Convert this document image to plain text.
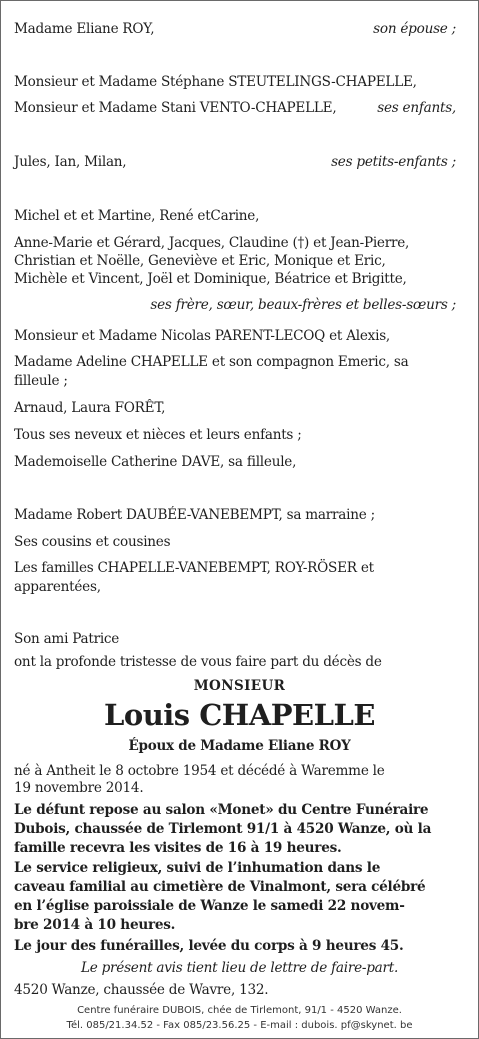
Madame Eliane ROY,	son épouse ;
Monsieur et Madame Stéphane STEUTELINGS-CHAPELLE,
Monsieur et Madame Stani VENTO-CHAPELLE,	ses enfants,
Jules, Ian, Milan,	ses petits-enfants ;
Michel et et Martine, René etCarine,
Anne-Marie et Gérard, Jacques, Claudine (†) et Jean-Pierre,
Christian et Noëlle, Geneviève et Eric, Monique et Eric,
Michèle et Vincent, Joël et Dominique, Béatrice et Brigitte,
ses frère, sœur, beaux-frères et belles-sœurs ;
Monsieur et Madame Nicolas PARENT-LECOQ et Alexis,
Madame Adeline CHAPELLE et son compagnon Emeric, sa
filleule ;
Arnaud, Laura FORÊT,
Tous ses neveux et nièces et leurs enfants ;
Mademoiselle Catherine DAVE, sa filleule,
Madame Robert DAUBÉE-VANEBEMPT, sa marraine ;
Ses cousins et cousines
Les familles CHAPELLE-VANEBEMPT, ROY-RÖSER et
apparentées,
Son ami Patrice
ont la profonde tristesse de vous faire part du décès de
MONSIEUR
Louis CHAPELLE
Époux de Madame Eliane ROY
né à Antheit le 8 octobre 1954 et décédé à Waremme le
19 novembre 2014.
Le défunt repose au salon «Monet» du Centre Funéraire
Dubois, chaussée de Tirlemont 91/1 à 4520 Wanze, où la
famille recevra les visites de 16 à 19 heures.
Le service religieux, suivi de l’inhumation dans le
caveau familial au cimetière de Vinalmont, sera célébré
en l’église paroissiale de Wanze le samedi 22 novem-
bre 2014 à 10 heures.
Le jour des funérailles, levée du corps à 9 heures 45.
Le présent avis tient lieu de lettre de faire-part.
4520 Wanze, chaussée de Wavre, 132.
Centre funéraire DUBOIS, chée de Tirlemont, 91/1 - 4520 Wanze.
Tél. 085/21.34.52 - Fax 085/23.56.25 - E-mail : dubois. pf@skynet. be
